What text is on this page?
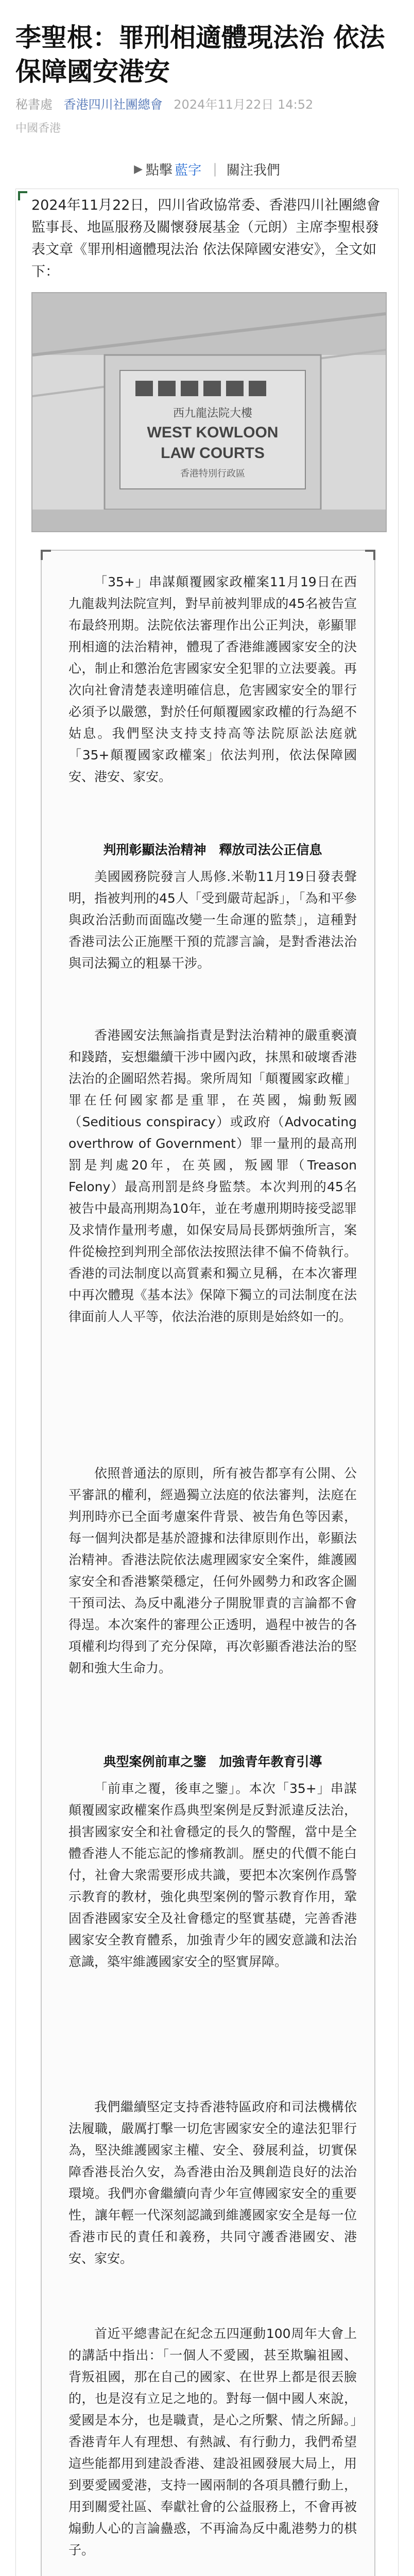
李聖根：罪刑相適體現法治 依法保障國安港安
秘書處 香港四川社團總會 2024年11月22日 14:52
中國香港
▶ 點擊 藍字 | 關注我們

2024年11月22日，四川省政協常委、香港四川社團總會監事長、地區服務及關懷發展基金（元朗）主席李聖根發表文章《罪刑相適體現法治 依法保障國安港安》，全文如下：

WEST KOWLOON
LAW COURTS
西九龍法院大樓
香港特別行政區

「35+」串謀顛覆國家政權案11月19日在西九龍裁判法院宣判，對早前被判罪成的45名被告宣布最終刑期。法院依法審理作出公正判決，彰顯罪刑相適的法治精神，體現了香港維護國家安全的決心，制止和懲治危害國家安全犯罪的立法要義。再次向社會清楚表達明確信息，危害國家安全的罪行必須予以嚴懲，對於任何顛覆國家政權的行為絕不姑息。我們堅決支持支持高等法院原訟法庭就「35+顛覆國家政權案」依法判刑，依法保障國安、港安、家安。

判刑彰顯法治精神　釋放司法公正信息

美國國務院發言人馬修.米勒11月19日發表聲明，指被判刑的45人「受到嚴苛起訴」，「為和平參與政治活動而面臨改變一生命運的監禁」，這種對香港司法公正施壓干預的荒謬言論，是對香港法治與司法獨立的粗暴干涉。

香港國安法無論指責是對法治精神的嚴重褻瀆和踐踏，妄想繼續干涉中國內政，抹黑和破壞香港法治的企圖昭然若揭。衆所周知「顛覆國家政權」罪在任何國家都是重罪，在英國，煽動叛國（Seditious conspiracy）或政府（Advocating overthrow of Government）罪一量刑的最高刑罰是判處20年，在英國，叛國罪（Treason Felony）最高刑罰是終身監禁。本次判刑的45名被告中最高刑期為10年，並在考慮刑期時接受認罪及求情作量刑考慮，如保安局局長鄧炳強所言，案件從檢控到判刑全部依法按照法律不偏不倚執行。香港的司法制度以高質素和獨立見稱，在本次審理中再次體現《基本法》保障下獨立的司法制度在法律面前人人平等，依法治港的原則是始終如一的。

依照普通法的原則，所有被告都享有公開、公平審訊的權利，經過獨立法庭的依法審判，法庭在判刑時亦已全面考慮案件背景、被告角色等因素，每一個判決都是基於證據和法律原則作出，彰顯法治精神。香港法院依法處理國家安全案件，維護國家安全和香港繁榮穩定，任何外國勢力和政客企圖干預司法、為反中亂港分子開脫罪責的言論都不會得逞。本次案件的審理公正透明，過程中被告的各項權利均得到了充分保障，再次彰顯香港法治的堅韌和強大生命力。

典型案例前車之鑒　加強青年教育引導

「前車之覆，後車之鑒」。本次「35+」串謀顛覆國家政權案作爲典型案例是反對派違反法治，損害國家安全和社會穩定的長久的警醒，當中是全體香港人不能忘記的慘痛教訓。歷史的代價不能白付，社會大衆需要形成共識，要把本次案例作爲警示教育的教材，強化典型案例的警示教育作用，鞏固香港國家安全及社會穩定的堅實基礎，完善香港國家安全教育體系，加強青少年的國安意識和法治意識，築牢維護國家安全的堅實屏障。

我們繼續堅定支持香港特區政府和司法機構依法履職，嚴厲打擊一切危害國家安全的違法犯罪行為，堅決維護國家主權、安全、發展利益，切實保障香港長治久安，為香港由治及興創造良好的法治環境。我們亦會繼續向青少年宣傳國家安全的重要性，讓年輕一代深刻認識到維護國家安全是每一位香港市民的責任和義務，共同守護香港國安、港安、家安。

首近平總書記在紀念五四運動100周年大會上的講話中指出：「一個人不愛國，甚至欺騙祖國、背叛祖國，那在自己的國家、在世界上都是很丟臉的，也是沒有立足之地的。對每一個中國人來說，愛國是本分，也是職責，是心之所繫、情之所歸。」香港青年人有理想、有熱誠、有行動力，我們希望這些能都用到建設香港、建設祖國發展大局上，用到要愛國愛港，支持一國兩制的各項具體行動上，用到關愛社區、奉獻社會的公益服務上，不會再被煽動人心的言論蠱惑，不再淪為反中亂港勢力的棋子。
